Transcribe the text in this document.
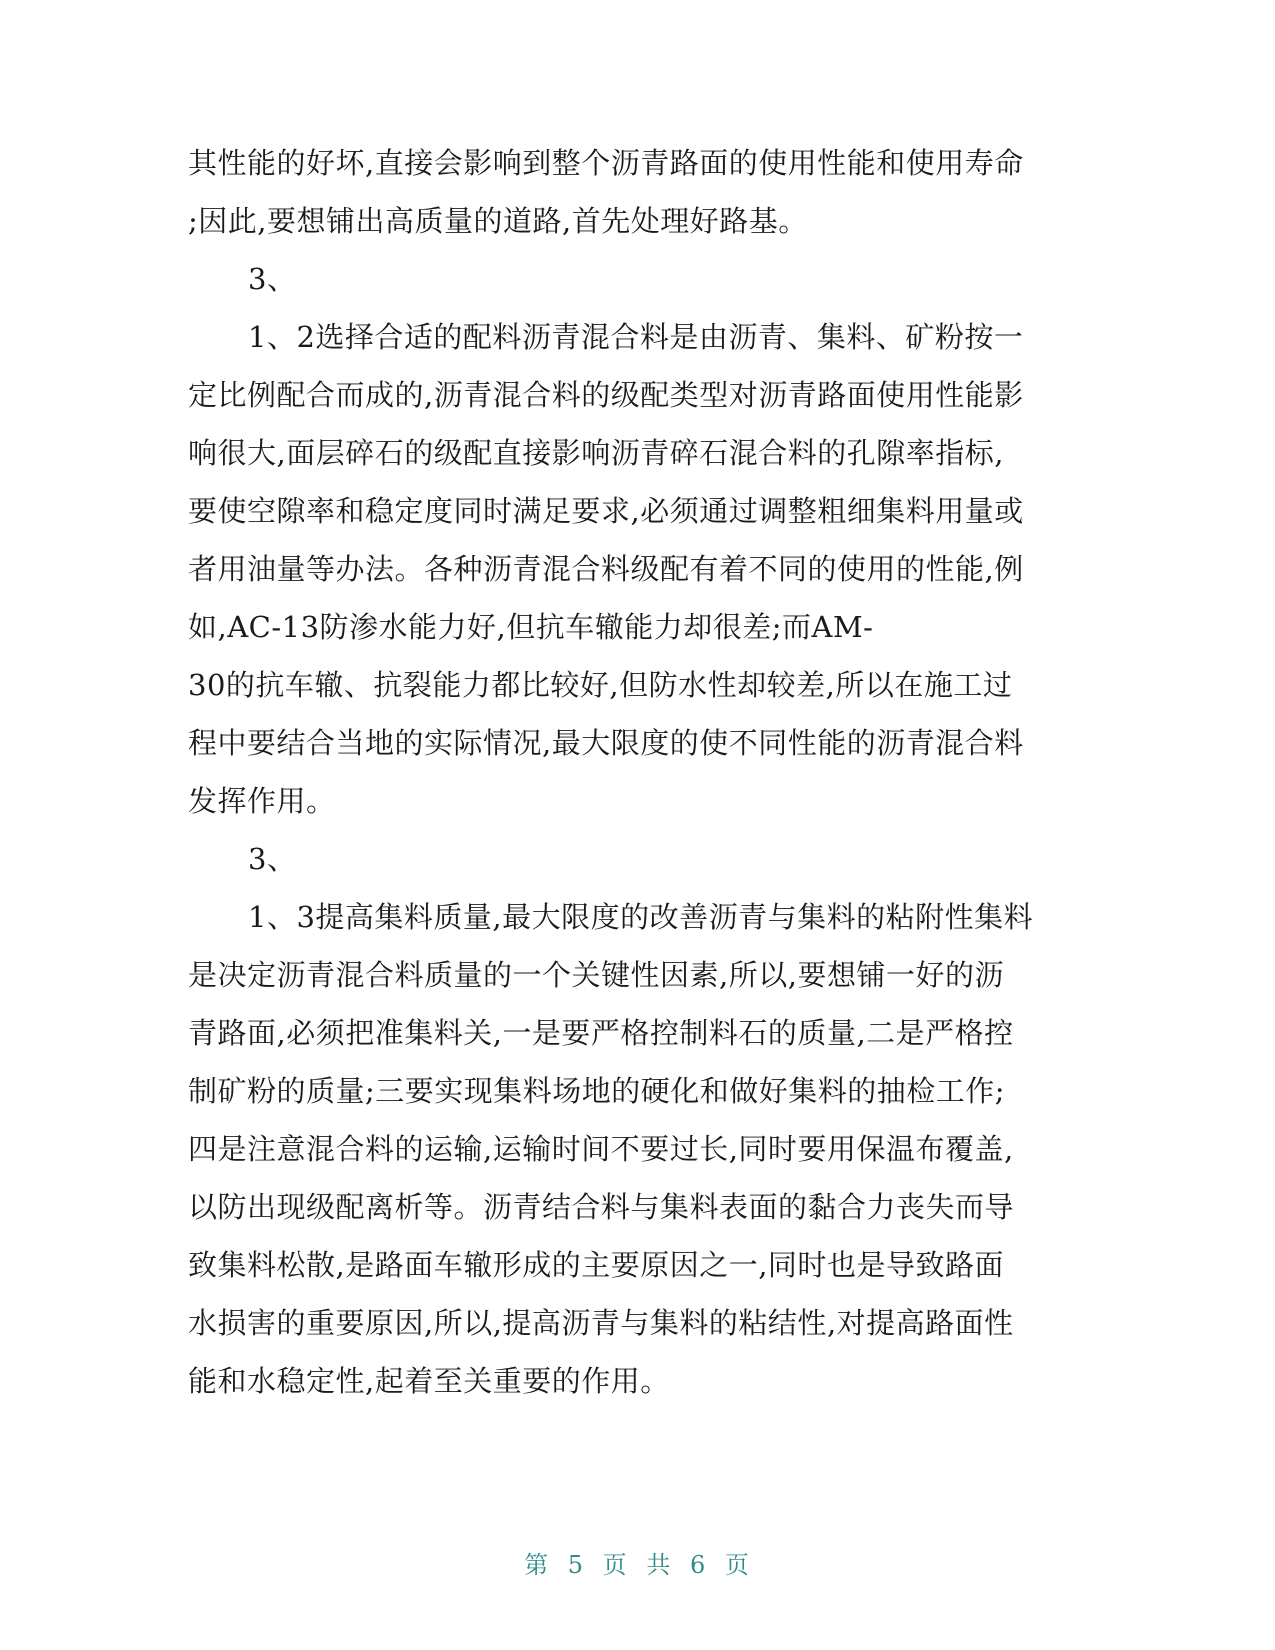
其性能的好坏,直接会影响到整个沥青路面的使用性能和使用寿命
;因此,要想铺出高质量的道路,首先处理好路基。
3、
1、2选择合适的配料沥青混合料是由沥青、集料、矿粉按一
定比例配合而成的,沥青混合料的级配类型对沥青路面使用性能影
响很大,面层碎石的级配直接影响沥青碎石混合料的孔隙率指标,
要使空隙率和稳定度同时满足要求,必须通过调整粗细集料用量或
者用油量等办法。各种沥青混合料级配有着不同的使用的性能,例
如,AC-13防渗水能力好,但抗车辙能力却很差;而AM-
30的抗车辙、抗裂能力都比较好,但防水性却较差,所以在施工过
程中要结合当地的实际情况,最大限度的使不同性能的沥青混合料
发挥作用。
3、
1、3提高集料质量,最大限度的改善沥青与集料的粘附性集料
是决定沥青混合料质量的一个关键性因素,所以,要想铺一好的沥
青路面,必须把准集料关,一是要严格控制料石的质量,二是严格控
制矿粉的质量;三要实现集料场地的硬化和做好集料的抽检工作;
四是注意混合料的运输,运输时间不要过长,同时要用保温布覆盖,
以防出现级配离析等。沥青结合料与集料表面的黏合力丧失而导
致集料松散,是路面车辙形成的主要原因之一,同时也是导致路面
水损害的重要原因,所以,提高沥青与集料的粘结性,对提高路面性
能和水稳定性,起着至关重要的作用。
第 5 页 共 6 页
